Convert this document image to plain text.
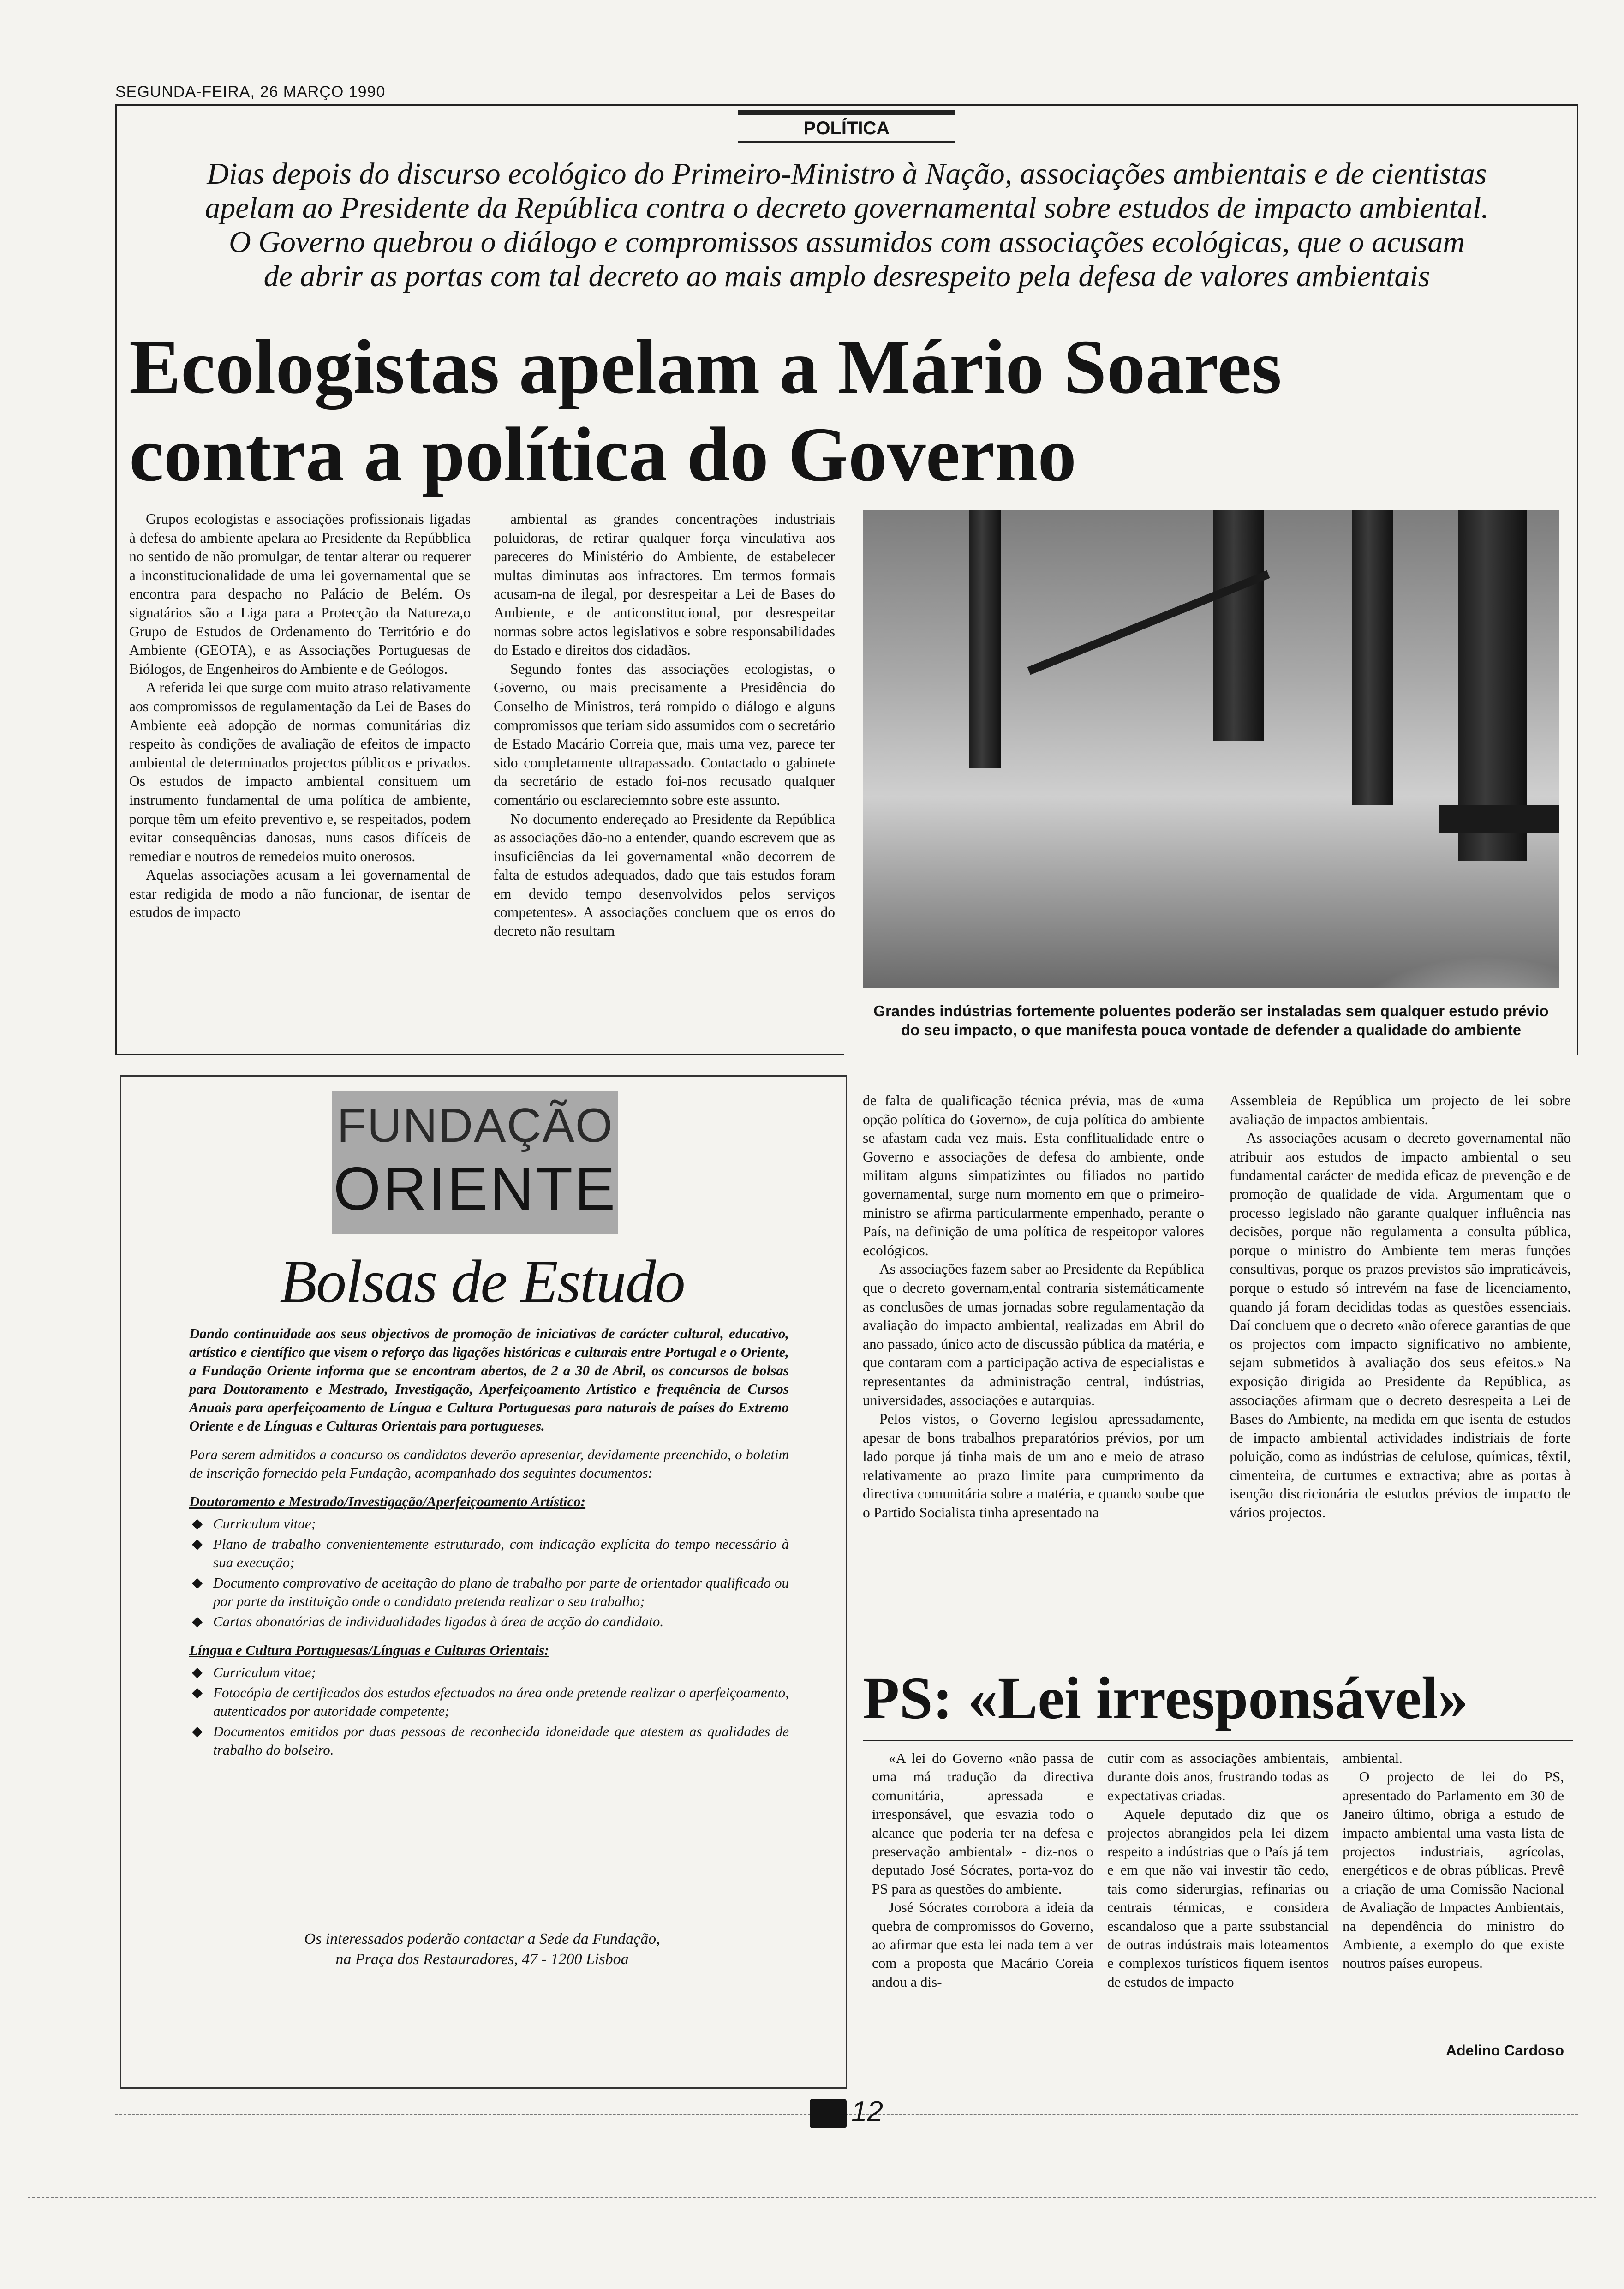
SEGUNDA-FEIRA, 26 MARÇO 1990
POLÍTICA
Dias depois do discurso ecológico do Primeiro-Ministro à Nação, associações ambientais e de cientistas
apelam ao Presidente da República contra o decreto governamental sobre estudos de impacto ambiental.
O Governo quebrou o diálogo e compromissos assumidos com associações ecológicas, que o acusam
de abrir as portas com tal decreto ao mais amplo desrespeito pela defesa de valores ambientais
Ecologistas apelam a Mário Soares
contra a política do Governo

Grupos ecologistas e associações profissionais ligadas à defesa do ambiente apelara ao Presidente da Repúbblica no sentido de não promulgar, de tentar alterar ou requerer a inconstitucionalidade de uma lei governamental que se encontra para despacho no Palácio de Belém. Os signatários são a Liga para a Protecção da Natureza,o Grupo de Estudos de Ordenamento do Território e do Ambiente (GEOTA), e as Associações Portuguesas de Biólogos, de Engenheiros do Ambiente e de Geólogos.

A referida lei que surge com muito atraso relativamente aos compromissos de regulamentação da Lei de Bases do Ambiente eeà adopção de normas comunitárias diz respeito às condições de avaliação de efeitos de impacto ambiental de determinados projectos públicos e privados. Os estudos de impacto ambiental consituem um instrumento fundamental de uma política de ambiente, porque têm um efeito preventivo e, se respeitados, podem evitar consequências danosas, nuns casos difíceis de remediar e noutros de remedeios muito onerosos.

Aquelas associações acusam a lei governamental de estar redigida de modo a não funcionar, de isentar de estudos de impacto

ambiental as grandes concentrações industriais poluidoras, de retirar qualquer força vinculativa aos pareceres do Ministério do Ambiente, de estabelecer multas diminutas aos infractores. Em termos formais acusam-na de ilegal, por desrespeitar a Lei de Bases do Ambiente, e de anticonstitucional, por desrespeitar normas sobre actos legislativos e sobre responsabilidades do Estado e direitos dos cidadãos.

Segundo fontes das associações ecologistas, o Governo, ou mais precisamente a Presidência do Conselho de Ministros, terá rompido o diálogo e alguns compromissos que teriam sido assumidos com o secretário de Estado Macário Correia que, mais uma vez, parece ter sido completamente ultrapassado. Contactado o gabinete da secretário de estado foi-nos recusado qualquer comentário ou esclareciemnto sobre este assunto.

No documento endereçado ao Presidente da República as associações dão-no a entender, quando escrevem que as insuficiências da lei governamental «não decorrem de falta de estudos adequados, dado que tais estudos foram em devido tempo desenvolvidos pelos serviços competentes». A associações concluem que os erros do decreto não resultam

Grandes indústrias fortemente poluentes poderão ser instaladas sem qualquer estudo prévio do seu impacto, o que manifesta pouca vontade de defender a qualidade do ambiente
FUNDAÇÃO
ORIENTE
Bolsas de Estudo

Dando continuidade aos seus objectivos de promoção de iniciativas de carácter cultural, educativo, artístico e científico que visem o reforço das ligações históricas e culturais entre Portugal e o Oriente, a Fundação Oriente informa que se encontram abertos, de 2 a 30 de Abril, os concursos de bolsas para Doutoramento e Mestrado, Investigação, Aperfeiçoamento Artístico e frequência de Cursos Anuais para aperfeiçoamento de Língua e Cultura Portuguesas para naturais de países do Extremo Oriente e de Línguas e Culturas Orientais para portugueses.

Para serem admitidos a concurso os candidatos deverão apresentar, devidamente preenchido, o boletim de inscrição fornecido pela Fundação, acompanhado dos seguintes documentos:

Doutoramento e Mestrado/Investigação/Aperfeiçoamento Artístico:

◆ Curriculum vitae;
◆ Plano de trabalho convenientemente estruturado, com indicação explícita do tempo necessário à sua execução;
◆ Documento comprovativo de aceitação do plano de trabalho por parte de orientador qualificado ou por parte da instituição onde o candidato pretenda realizar o seu trabalho;
◆ Cartas abonatórias de individualidades ligadas à área de acção do candidato.

Língua e Cultura Portuguesas/Línguas e Culturas Orientais:

◆ Curriculum vitae;
◆ Fotocópia de certificados dos estudos efectuados na área onde pretende realizar o aperfeiçoamento, autenticados por autoridade competente;
◆ Documentos emitidos por duas pessoas de reconhecida idoneidade que atestem as qualidades de trabalho do bolseiro.
Os interessados poderão contactar a Sede da Fundação,
na Praça dos Restauradores, 47 - 1200 Lisboa

de falta de qualificação técnica prévia, mas de «uma opção política do Governo», de cuja política do ambiente se afastam cada vez mais. Esta conflitualidade entre o Governo e associações de defesa do ambiente, onde militam alguns simpatizintes ou filiados no partido governamental, surge num momento em que o primeiro-ministro se afirma particularmente empenhado, perante o País, na definição de uma política de respeitopor valores ecológicos.

As associações fazem saber ao Presidente da República que o decreto governam,ental contraria sistemáticamente as conclusões de umas jornadas sobre regulamentação da avaliação do impacto ambiental, realizadas em Abril do ano passado, único acto de discussão pública da matéria, e que contaram com a participação activa de especialistas e representantes da administração central, indústrias, universidades, associações e autarquias.

Pelos vistos, o Governo legislou apressadamente, apesar de bons trabalhos preparatórios prévios, por um lado porque já tinha mais de um ano e meio de atraso relativamente ao prazo limite para cumprimento da directiva comunitária sobre a matéria, e quando soube que o Partido Socialista tinha apresentado na

Assembleia de República um projecto de lei sobre avaliação de impactos ambientais.

As associações acusam o decreto governamental não atribuir aos estudos de impacto ambiental o seu fundamental carácter de medida eficaz de prevenção e de promoção de qualidade de vida. Argumentam que o processo legislado não garante qualquer influência nas decisões, porque não regulamenta a consulta pública, porque o ministro do Ambiente tem meras funções consultivas, porque os prazos previstos são impraticáveis, porque o estudo só intrevém na fase de licenciamento, quando já foram decididas todas as questões essenciais. Daí concluem que o decreto «não oferece garantias de que os projectos com impacto significativo no ambiente, sejam submetidos à avaliação dos seus efeitos.» Na exposição dirigida ao Presidente da República, as associações afirmam que o decreto desrespeita a Lei de Bases do Ambiente, na medida em que isenta de estudos de impacto ambiental actividades indistriais de forte poluição, como as indústrias de celulose, químicas, têxtil, cimenteira, de curtumes e extractiva; abre as portas à isenção discricionária de estudos prévios de impacto de vários projectos.

PS: «Lei irresponsável»

«A lei do Governo «não passa de uma má tradução da directiva comunitária, apressada e irresponsável, que esvazia todo o alcance que poderia ter na defesa e preservação ambiental» - diz-nos o deputado José Sócrates, porta-voz do PS para as questões do ambiente.

José Sócrates corrobora a ideia da quebra de compromissos do Governo, ao afirmar que esta lei nada tem a ver com a proposta que Macário Coreia andou a dis-

cutir com as associações ambientais, durante dois anos, frustrando todas as expectativas criadas.

Aquele deputado diz que os projectos abrangidos pela lei dizem respeito a indústrias que o País já tem e em que não vai investir tão cedo, tais como siderurgias, refinarias ou centrais térmicas, e considera escandaloso que a parte ssubstancial de outras indústrais mais loteamentos e complexos turísticos fiquem isentos de estudos de impacto

ambiental.

O projecto de lei do PS, apresentado do Parlamento em 30 de Janeiro último, obriga a estudo de impacto ambiental uma vasta lista de projectos industriais, agrícolas, energéticos e de obras públicas. Prevê a criação de uma Comissão Nacional de Avaliação de Impactes Ambientais, na dependência do ministro do Ambiente, a exemplo do que existe noutros países europeus.

Adelino Cardoso
12
